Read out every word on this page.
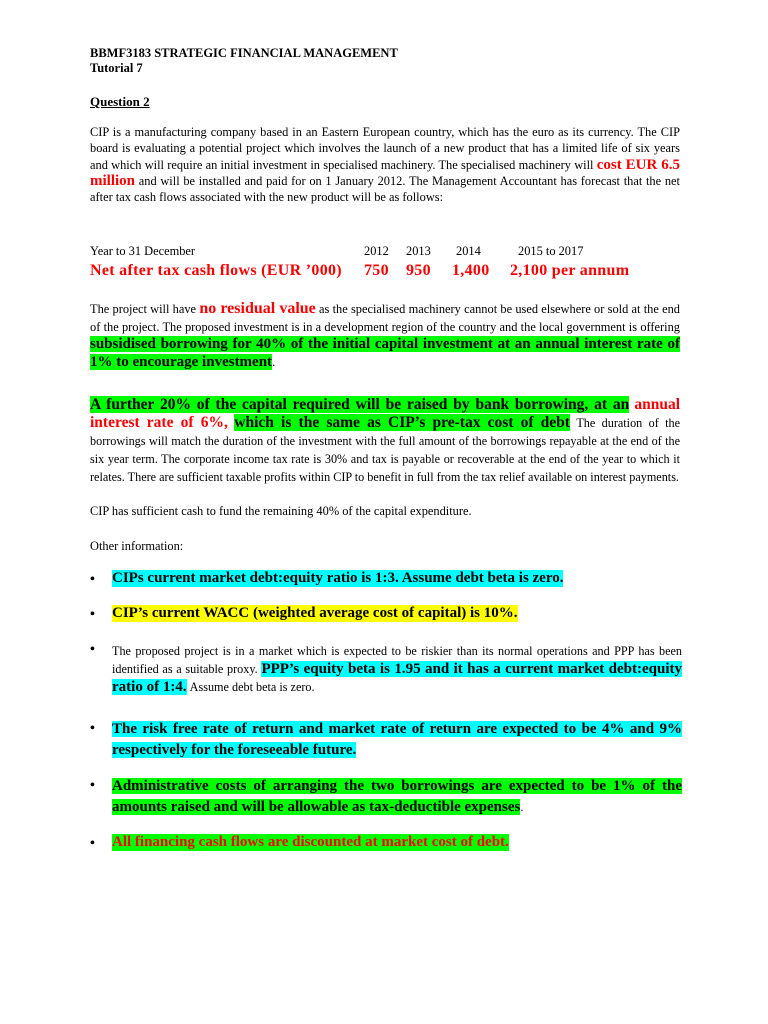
BBMF3183 STRATEGIC FINANCIAL MANAGEMENT
Tutorial 7
Question 2
CIP is a manufacturing company based in an Eastern European country, which has the euro as its currency. The CIP board is evaluating a potential project which involves the launch of a new product that has a limited life of six years and which will require an initial investment in specialised machinery. The specialised machinery will cost EUR 6.5 million and will be installed and paid for on 1 January 2012. The Management Accountant has forecast that the net after tax cash flows associated with the new product will be as follows:
Year to 31 December	2012 2013 2014	2015 to 2017
Net after tax cash flows (EUR ’000) 750 950 1,400 2,100 per annum
The project will have no residual value as the specialised machinery cannot be used elsewhere or sold at the end of the project. The proposed investment is in a development region of the country and the local government is offering subsidised borrowing for 40% of the initial capital investment at an annual interest rate of 1% to encourage investment.
A further 20% of the capital required will be raised by bank borrowing, at an annual interest rate of 6%, which is the same as CIP’s pre-tax cost of debt The duration of the borrowings will match the duration of the investment with the full amount of the borrowings repayable at the end of the six year term. The corporate income tax rate is 30% and tax is payable or recoverable at the end of the year to which it relates. There are sufficient taxable profits within CIP to benefit in full from the tax relief available on interest payments.
CIP has sufficient cash to fund the remaining 40% of the capital expenditure.
Other information:
• CIPs current market debt:equity ratio is 1:3. Assume debt beta is zero.
• CIP’s current WACC (weighted average cost of capital) is 10%.
• The proposed project is in a market which is expected to be riskier than its normal operations and PPP has been identified as a suitable proxy. PPP’s equity beta is 1.95 and it has a current market debt:equity ratio of 1:4. Assume debt beta is zero.
• The risk free rate of return and market rate of return are expected to be 4% and 9% respectively for the foreseeable future.
• Administrative costs of arranging the two borrowings are expected to be 1% of the amounts raised and will be allowable as tax-deductible expenses.
• All financing cash flows are discounted at market cost of debt.
